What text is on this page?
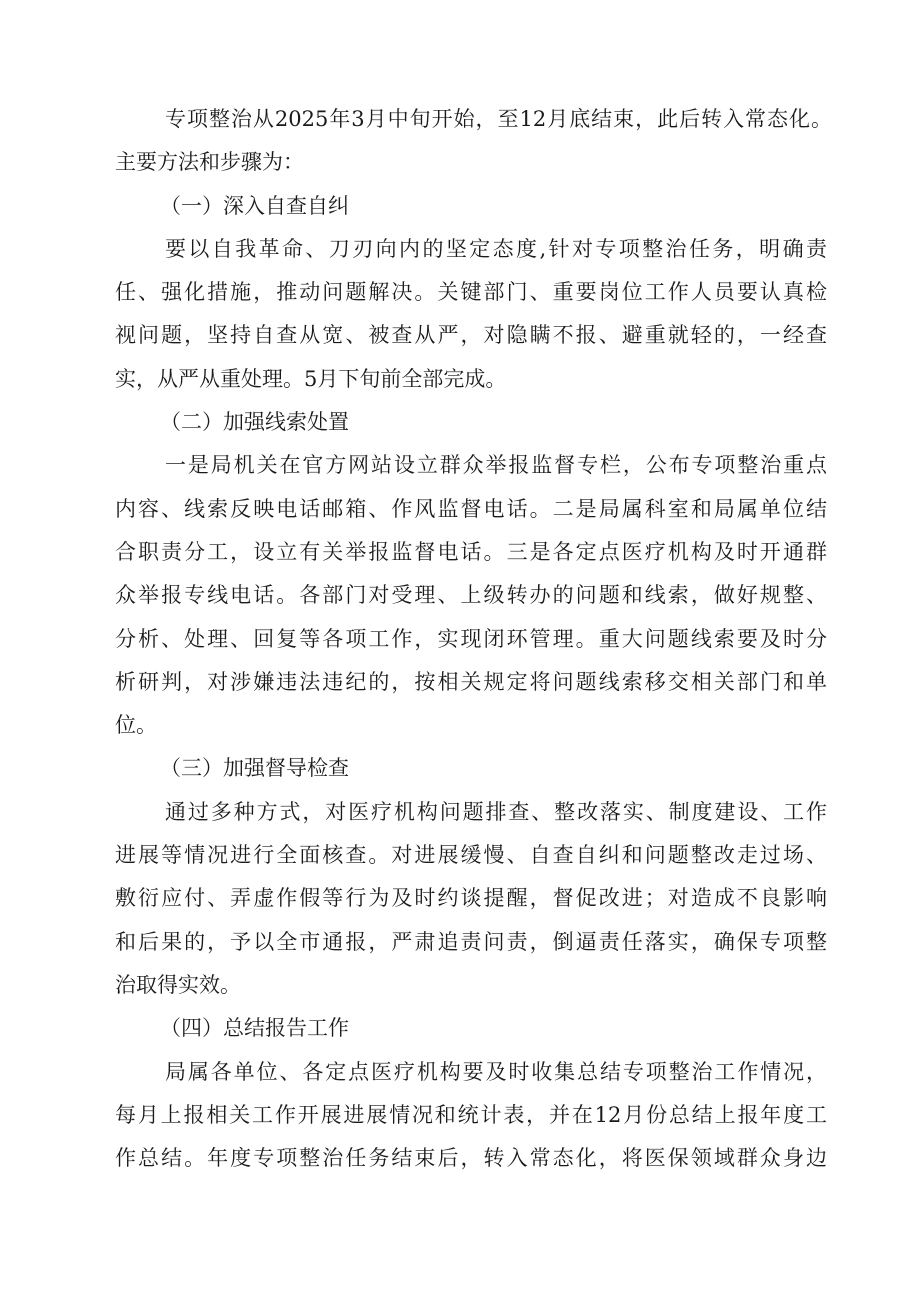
专项整治从2025年3月中旬开始，至12月底结束，此后转入常态化。
主要方法和步骤为：
（一）深入自查自纠
要以自我革命、刀刃向内的坚定态度,针对专项整治任务，明确责
任、强化措施，推动问题解决。关键部门、重要岗位工作人员要认真检
视问题，坚持自查从宽、被查从严，对隐瞒不报、避重就轻的，一经查
实，从严从重处理。5月下旬前全部完成。
（二）加强线索处置
一是局机关在官方网站设立群众举报监督专栏，公布专项整治重点
内容、线索反映电话邮箱、作风监督电话。二是局属科室和局属单位结
合职责分工，设立有关举报监督电话。三是各定点医疗机构及时开通群
众举报专线电话。各部门对受理、上级转办的问题和线索，做好规整、
分析、处理、回复等各项工作，实现闭环管理。重大问题线索要及时分
析研判，对涉嫌违法违纪的，按相关规定将问题线索移交相关部门和单
位。
（三）加强督导检查
通过多种方式，对医疗机构问题排查、整改落实、制度建设、工作
进展等情况进行全面核查。对进展缓慢、自查自纠和问题整改走过场、
敷衍应付、弄虚作假等行为及时约谈提醒，督促改进；对造成不良影响
和后果的，予以全市通报，严肃追责问责，倒逼责任落实，确保专项整
治取得实效。
（四）总结报告工作
局属各单位、各定点医疗机构要及时收集总结专项整治工作情况，
每月上报相关工作开展进展情况和统计表，并在12月份总结上报年度工
作总结。年度专项整治任务结束后，转入常态化，将医保领域群众身边
